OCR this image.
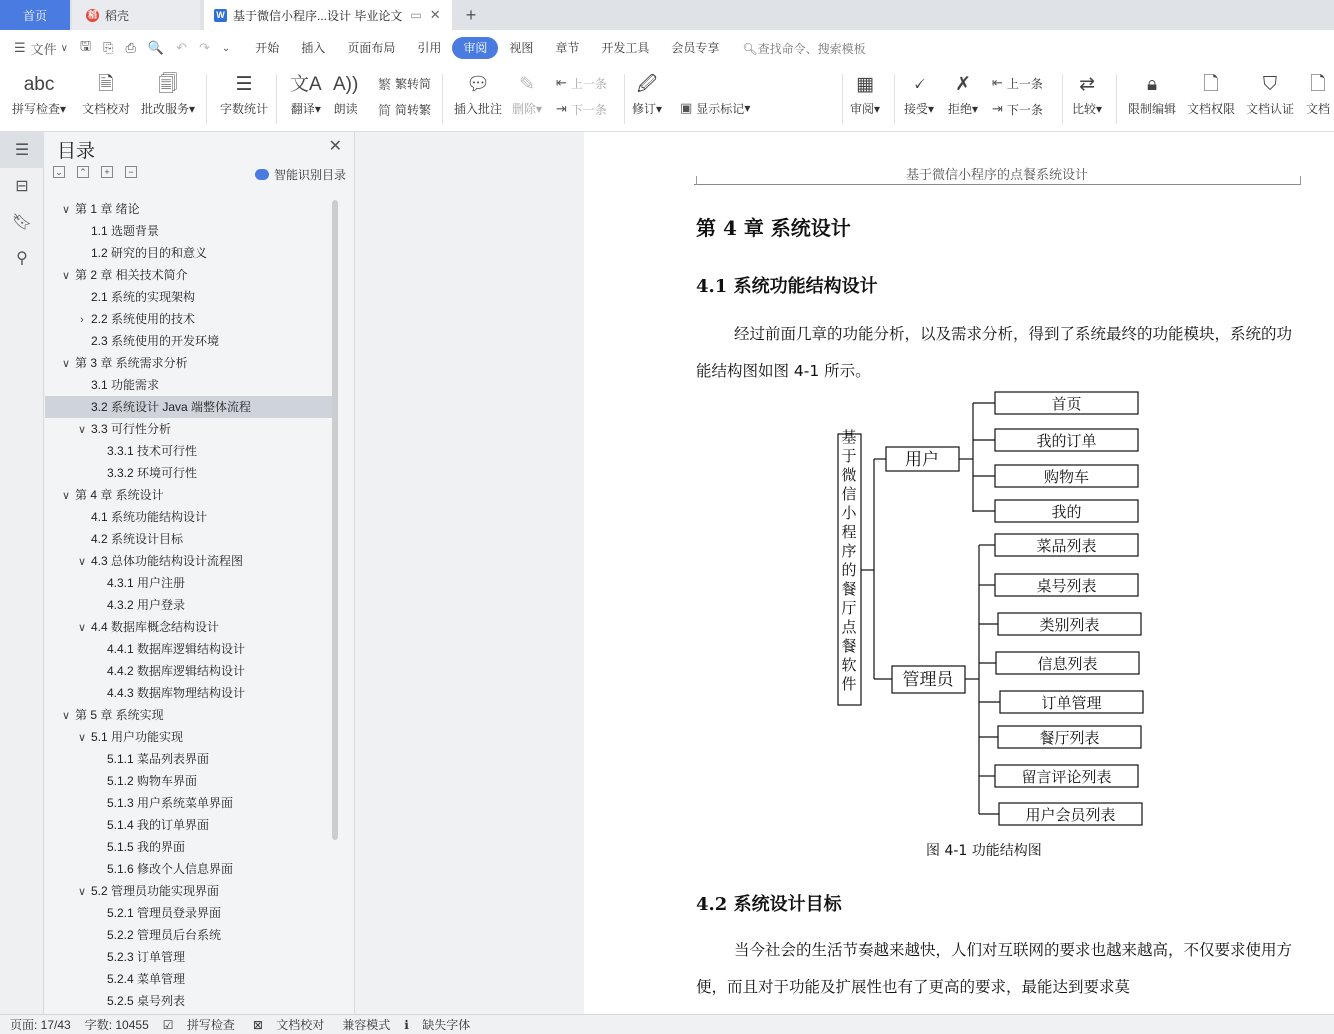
首页	稻 稻壳	W 基于微信小程序...设计 毕业论文 ▭ ✕	+
☰ 文件 ∨ 🖫 ⎘ ⎙ 🔍 ↶ ↷	⌄	开始	插入	页面布局	引用	审阅	视图	章节	开发工具	会员专享	🔍︎查找命令、搜索模板
abc
拼写检查▾
🗎
文档校对
🗐
批改服务▾
☰
字数统计
文A
翻译▾
A))
朗读
繁 繁转简
简 简转繁
💬︎
插入批注
✎
删除▾
⇤ 上一条
⇥ 下一条
🖉
修订▾
▾ ▣ 显示标记 ▾
▦
审阅▾
🗸
接受▾
✗
拒绝▾
⇤ 上一条
⇥ 下一条
⇄
比较▾
🔒︎
限制编辑
🗋
文档权限
⛉
文档认证
🗋
文档
☰
⊟
🔖︎
⚲
目录	✕
⌄ ⌃	+	−	智能识别目录
∨ 第 1 章 绪论
1.1 选题背景
1.2 研究的目的和意义
∨ 第 2 章 相关技术简介
2.1 系统的实现架构
› 2.2 系统使用的技术
2.3 系统使用的开发环境
∨ 第 3 章 系统需求分析
3.1 功能需求
3.2 系统设计 Java 端整体流程
∨ 3.3 可行性分析
3.3.1 技术可行性
3.3.2 环境可行性
∨ 第 4 章 系统设计
4.1 系统功能结构设计
4.2 系统设计目标
∨ 4.3 总体功能结构设计流程图
4.3.1 用户注册
4.3.2 用户登录
∨ 4.4 数据库概念结构设计
4.4.1 数据库逻辑结构设计
4.4.2 数据库逻辑结构设计
4.4.3 数据库物理结构设计
∨ 第 5 章 系统实现
∨ 5.1 用户功能实现
5.1.1 菜品列表界面
5.1.2 购物车界面
5.1.3 用户系统菜单界面
5.1.4 我的订单界面
5.1.5 我的界面
5.1.6 修改个人信息界面
∨ 5.2 管理员功能实现界面
5.2.1 管理员登录界面
5.2.2 管理员后台系统
5.2.3 订单管理
5.2.4 菜单管理
5.2.5 桌号列表
基于微信小程序的点餐系统设计
第 4 章 系统设计
4.1 系统功能结构设计
经过前面几章的功能分析，以及需求分析，得到了系统最终的功能模块，系统的功能结构图如图 4-1 所示。
首页
我的订单
购物车
我的
菜品列表
桌号列表
类别列表
信息列表
订单管理
餐厅列表
留言评论列表
用户会员列表
基于微信小程序的餐厅点餐软件
用户
管理员
图 4-1 功能结构图
4.2 系统设计目标
当今社会的生活节奏越来越快，人们对互联网的要求也越来越高，不仅要求使用方便，而且对于功能及扩展性也有了更高的要求，最能达到要求莫
页面: 17/43 字数: 10455 ☑ 拼写检查	⊠ 文档校对	兼容模式 ℹ 缺失字体
